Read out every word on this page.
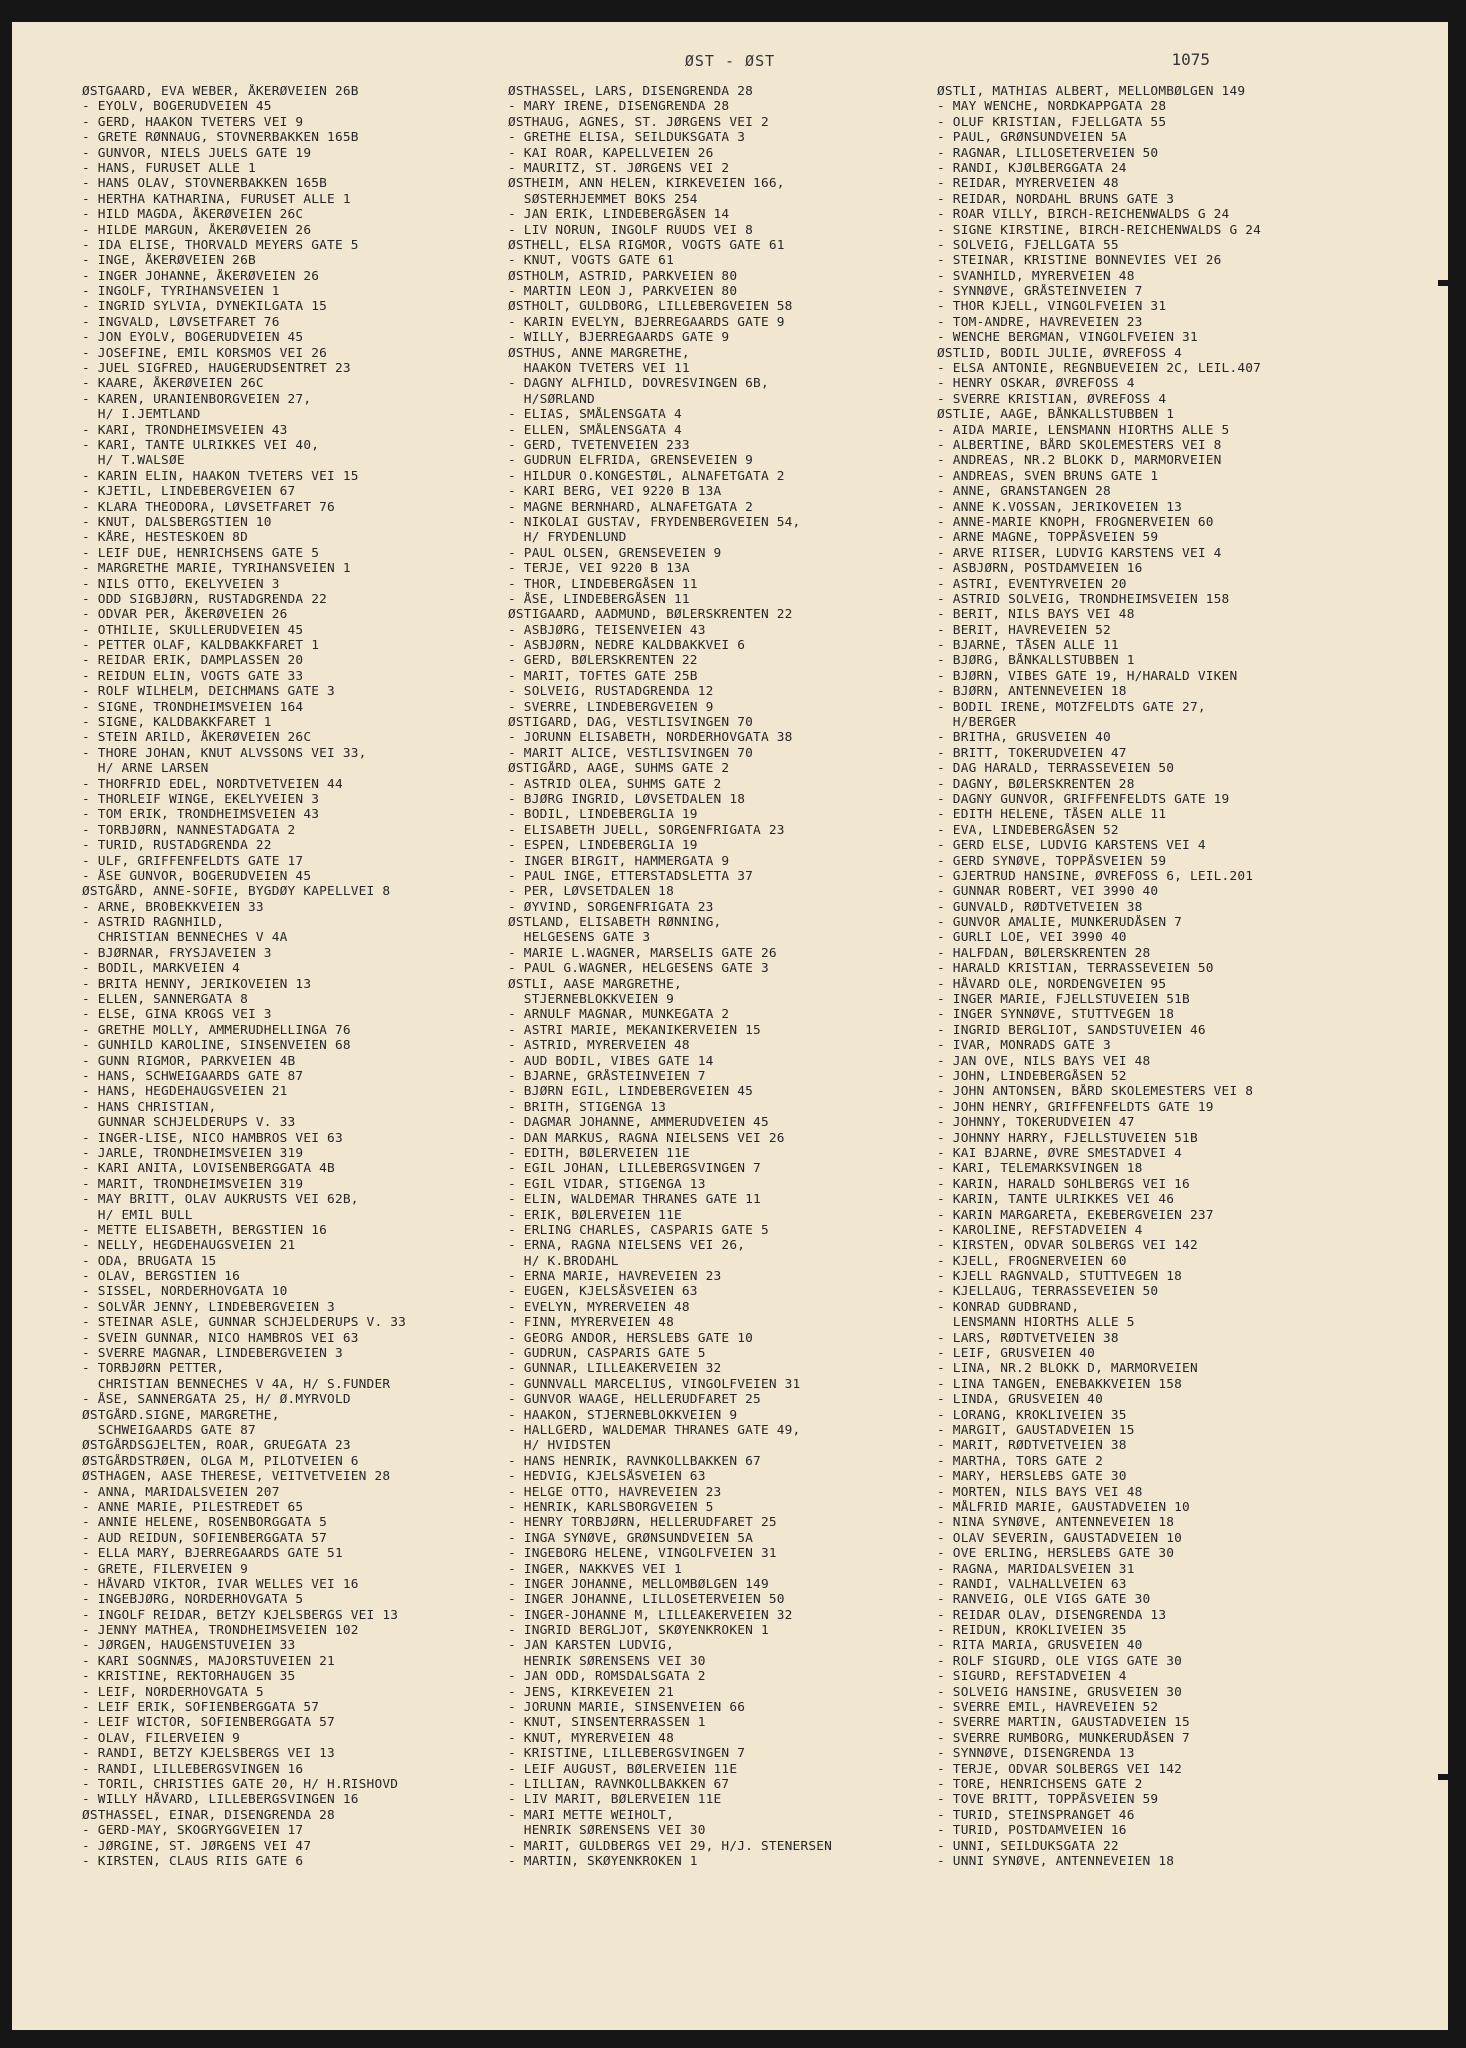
ØST - ØST	1075
ØSTGAARD, EVA WEBER, ÅKERØVEIEN 26B
- EYOLV, BOGERUDVEIEN 45
- GERD, HAAKON TVETERS VEI 9
- GRETE RØNNAUG, STOVNERBAKKEN 165B
- GUNVOR, NIELS JUELS GATE 19
- HANS, FURUSET ALLE 1
- HANS OLAV, STOVNERBAKKEN 165B
- HERTHA KATHARINA, FURUSET ALLE 1
- HILD MAGDA, ÅKERØVEIEN 26C
- HILDE MARGUN, ÅKERØVEIEN 26
- IDA ELISE, THORVALD MEYERS GATE 5
- INGE, ÅKERØVEIEN 26B
- INGER JOHANNE, ÅKERØVEIEN 26
- INGOLF, TYRIHANSVEIEN 1
- INGRID SYLVIA, DYNEKILGATA 15
- INGVALD, LØVSETFARET 76
- JON EYOLV, BOGERUDVEIEN 45
- JOSEFINE, EMIL KORSMOS VEI 26
- JUEL SIGFRED, HAUGERUDSENTRET 23
- KAARE, ÅKERØVEIEN 26C
- KAREN, URANIENBORGVEIEN 27,
H/ I.JEMTLAND
- KARI, TRONDHEIMSVEIEN 43
- KARI, TANTE ULRIKKES VEI 40,
H/ T.WALSØE
- KARIN ELIN, HAAKON TVETERS VEI 15
- KJETIL, LINDEBERGVEIEN 67
- KLARA THEODORA, LØVSETFARET 76
- KNUT, DALSBERGSTIEN 10
- KÅRE, HESTESKOEN 8D
- LEIF DUE, HENRICHSENS GATE 5
- MARGRETHE MARIE, TYRIHANSVEIEN 1
- NILS OTTO, EKELYVEIEN 3
- ODD SIGBJØRN, RUSTADGRENDA 22
- ODVAR PER, ÅKERØVEIEN 26
- OTHILIE, SKULLERUDVEIEN 45
- PETTER OLAF, KALDBAKKFARET 1
- REIDAR ERIK, DAMPLASSEN 20
- REIDUN ELIN, VOGTS GATE 33
- ROLF WILHELM, DEICHMANS GATE 3
- SIGNE, TRONDHEIMSVEIEN 164
- SIGNE, KALDBAKKFARET 1
- STEIN ARILD, ÅKERØVEIEN 26C
- THORE JOHAN, KNUT ALVSSONS VEI 33,
H/ ARNE LARSEN
- THORFRID EDEL, NORDTVETVEIEN 44
- THORLEIF WINGE, EKELYVEIEN 3
- TOM ERIK, TRONDHEIMSVEIEN 43
- TORBJØRN, NANNESTADGATA 2
- TURID, RUSTADGRENDA 22
- ULF, GRIFFENFELDTS GATE 17
- ÅSE GUNVOR, BOGERUDVEIEN 45
ØSTGÅRD, ANNE-SOFIE, BYGDØY KAPELLVEI 8
- ARNE, BROBEKKVEIEN 33
- ASTRID RAGNHILD,
CHRISTIAN BENNECHES V 4A
- BJØRNAR, FRYSJAVEIEN 3
- BODIL, MARKVEIEN 4
- BRITA HENNY, JERIKOVEIEN 13
- ELLEN, SANNERGATA 8
- ELSE, GINA KROGS VEI 3
- GRETHE MOLLY, AMMERUDHELLINGA 76
- GUNHILD KAROLINE, SINSENVEIEN 68
- GUNN RIGMOR, PARKVEIEN 4B
- HANS, SCHWEIGAARDS GATE 87
- HANS, HEGDEHAUGSVEIEN 21
- HANS CHRISTIAN,
GUNNAR SCHJELDERUPS V. 33
- INGER-LISE, NICO HAMBROS VEI 63
- JARLE, TRONDHEIMSVEIEN 319
- KARI ANITA, LOVISENBERGGATA 4B
- MARIT, TRONDHEIMSVEIEN 319
- MAY BRITT, OLAV AUKRUSTS VEI 62B,
H/ EMIL BULL
- METTE ELISABETH, BERGSTIEN 16
- NELLY, HEGDEHAUGSVEIEN 21
- ODA, BRUGATA 15
- OLAV, BERGSTIEN 16
- SISSEL, NORDERHOVGATA 10
- SOLVÅR JENNY, LINDEBERGVEIEN 3
- STEINAR ASLE, GUNNAR SCHJELDERUPS V. 33
- SVEIN GUNNAR, NICO HAMBROS VEI 63
- SVERRE MAGNAR, LINDEBERGVEIEN 3
- TORBJØRN PETTER,
CHRISTIAN BENNECHES V 4A, H/ S.FUNDER
- ÅSE, SANNERGATA 25, H/ Ø.MYRVOLD
ØSTGÅRD.SIGNE, MARGRETHE,
SCHWEIGAARDS GATE 87
ØSTGÅRDSGJELTEN, ROAR, GRUEGATA 23
ØSTGÅRDSTRØEN, OLGA M, PILOTVEIEN 6
ØSTHAGEN, AASE THERESE, VEITVETVEIEN 28
- ANNA, MARIDALSVEIEN 207
- ANNE MARIE, PILESTREDET 65
- ANNIE HELENE, ROSENBORGGATA 5
- AUD REIDUN, SOFIENBERGGATA 57
- ELLA MARY, BJERREGAARDS GATE 51
- GRETE, FILERVEIEN 9
- HÅVARD VIKTOR, IVAR WELLES VEI 16
- INGEBJØRG, NORDERHOVGATA 5
- INGOLF REIDAR, BETZY KJELSBERGS VEI 13
- JENNY MATHEA, TRONDHEIMSVEIEN 102
- JØRGEN, HAUGENSTUVEIEN 33
- KARI SOGNNÆS, MAJORSTUVEIEN 21
- KRISTINE, REKTORHAUGEN 35
- LEIF, NORDERHOVGATA 5
- LEIF ERIK, SOFIENBERGGATA 57
- LEIF WICTOR, SOFIENBERGGATA 57
- OLAV, FILERVEIEN 9
- RANDI, BETZY KJELSBERGS VEI 13
- RANDI, LILLEBERGSVINGEN 16
- TORIL, CHRISTIES GATE 20, H/ H.RISHOVD
- WILLY HÅVARD, LILLEBERGSVINGEN 16
ØSTHASSEL, EINAR, DISENGRENDA 28
- GERD-MAY, SKOGRYGGVEIEN 17
- JØRGINE, ST. JØRGENS VEI 47
- KIRSTEN, CLAUS RIIS GATE 6
ØSTHASSEL, LARS, DISENGRENDA 28
- MARY IRENE, DISENGRENDA 28
ØSTHAUG, AGNES, ST. JØRGENS VEI 2
- GRETHE ELISA, SEILDUKSGATA 3
- KAI ROAR, KAPELLVEIEN 26
- MAURITZ, ST. JØRGENS VEI 2
ØSTHEIM, ANN HELEN, KIRKEVEIEN 166,
SØSTERHJEMMET BOKS 254
- JAN ERIK, LINDEBERGÅSEN 14
- LIV NORUN, INGOLF RUUDS VEI 8
ØSTHELL, ELSA RIGMOR, VOGTS GATE 61
- KNUT, VOGTS GATE 61
ØSTHOLM, ASTRID, PARKVEIEN 80
- MARTIN LEON J, PARKVEIEN 80
ØSTHOLT, GULDBORG, LILLEBERGVEIEN 58
- KARIN EVELYN, BJERREGAARDS GATE 9
- WILLY, BJERREGAARDS GATE 9
ØSTHUS, ANNE MARGRETHE,
HAAKON TVETERS VEI 11
- DAGNY ALFHILD, DOVRESVINGEN 6B,
H/SØRLAND
- ELIAS, SMÅLENSGATA 4
- ELLEN, SMÅLENSGATA 4
- GERD, TVETENVEIEN 233
- GUDRUN ELFRIDA, GRENSEVEIEN 9
- HILDUR O.KONGESTØL, ALNAFETGATA 2
- KARI BERG, VEI 9220 B 13A
- MAGNE BERNHARD, ALNAFETGATA 2
- NIKOLAI GUSTAV, FRYDENBERGVEIEN 54,
H/ FRYDENLUND
- PAUL OLSEN, GRENSEVEIEN 9
- TERJE, VEI 9220 B 13A
- THOR, LINDEBERGÅSEN 11
- ÅSE, LINDEBERGÅSEN 11
ØSTIGAARD, AADMUND, BØLERSKRENTEN 22
- ASBJØRG, TEISENVEIEN 43
- ASBJØRN, NEDRE KALDBAKKVEI 6
- GERD, BØLERSKRENTEN 22
- MARIT, TOFTES GATE 25B
- SOLVEIG, RUSTADGRENDA 12
- SVERRE, LINDEBERGVEIEN 9
ØSTIGARD, DAG, VESTLISVINGEN 70
- JORUNN ELISABETH, NORDERHOVGATA 38
- MARIT ALICE, VESTLISVINGEN 70
ØSTIGÅRD, AAGE, SUHMS GATE 2
- ASTRID OLEA, SUHMS GATE 2
- BJØRG INGRID, LØVSETDALEN 18
- BODIL, LINDEBERGLIA 19
- ELISABETH JUELL, SORGENFRIGATA 23
- ESPEN, LINDEBERGLIA 19
- INGER BIRGIT, HAMMERGATA 9
- PAUL INGE, ETTERSTADSLETTA 37
- PER, LØVSETDALEN 18
- ØYVIND, SORGENFRIGATA 23
ØSTLAND, ELISABETH RØNNING,
HELGESENS GATE 3
- MARIE L.WAGNER, MARSELIS GATE 26
- PAUL G.WAGNER, HELGESENS GATE 3
ØSTLI, AASE MARGRETHE,
STJERNEBLOKKVEIEN 9
- ARNULF MAGNAR, MUNKEGATA 2
- ASTRI MARIE, MEKANIKERVEIEN 15
- ASTRID, MYRERVEIEN 48
- AUD BODIL, VIBES GATE 14
- BJARNE, GRÅSTEINVEIEN 7
- BJØRN EGIL, LINDEBERGVEIEN 45
- BRITH, STIGENGA 13
- DAGMAR JOHANNE, AMMERUDVEIEN 45
- DAN MARKUS, RAGNA NIELSENS VEI 26
- EDITH, BØLERVEIEN 11E
- EGIL JOHAN, LILLEBERGSVINGEN 7
- EGIL VIDAR, STIGENGA 13
- ELIN, WALDEMAR THRANES GATE 11
- ERIK, BØLERVEIEN 11E
- ERLING CHARLES, CASPARIS GATE 5
- ERNA, RAGNA NIELSENS VEI 26,
H/ K.BRODAHL
- ERNA MARIE, HAVREVEIEN 23
- EUGEN, KJELSÅSVEIEN 63
- EVELYN, MYRERVEIEN 48
- FINN, MYRERVEIEN 48
- GEORG ANDOR, HERSLEBS GATE 10
- GUDRUN, CASPARIS GATE 5
- GUNNAR, LILLEAKERVEIEN 32
- GUNNVALL MARCELIUS, VINGOLFVEIEN 31
- GUNVOR WAAGE, HELLERUDFARET 25
- HAAKON, STJERNEBLOKKVEIEN 9
- HALLGERD, WALDEMAR THRANES GATE 49,
H/ HVIDSTEN
- HANS HENRIK, RAVNKOLLBAKKEN 67
- HEDVIG, KJELSÅSVEIEN 63
- HELGE OTTO, HAVREVEIEN 23
- HENRIK, KARLSBORGVEIEN 5
- HENRY TORBJØRN, HELLERUDFARET 25
- INGA SYNØVE, GRØNSUNDVEIEN 5A
- INGEBORG HELENE, VINGOLFVEIEN 31
- INGER, NAKKVES VEI 1
- INGER JOHANNE, MELLOMBØLGEN 149
- INGER JOHANNE, LILLOSETERVEIEN 50
- INGER-JOHANNE M, LILLEAKERVEIEN 32
- INGRID BERGLJOT, SKØYENKROKEN 1
- JAN KARSTEN LUDVIG,
HENRIK SØRENSENS VEI 30
- JAN ODD, ROMSDALSGATA 2
- JENS, KIRKEVEIEN 21
- JORUNN MARIE, SINSENVEIEN 66
- KNUT, SINSENTERRASSEN 1
- KNUT, MYRERVEIEN 48
- KRISTINE, LILLEBERGSVINGEN 7
- LEIF AUGUST, BØLERVEIEN 11E
- LILLIAN, RAVNKOLLBAKKEN 67
- LIV MARIT, BØLERVEIEN 11E
- MARI METTE WEIHOLT,
HENRIK SØRENSENS VEI 30
- MARIT, GULDBERGS VEI 29, H/J. STENERSEN
- MARTIN, SKØYENKROKEN 1
ØSTLI, MATHIAS ALBERT, MELLOMBØLGEN 149
- MAY WENCHE, NORDKAPPGATA 28
- OLUF KRISTIAN, FJELLGATA 55
- PAUL, GRØNSUNDVEIEN 5A
- RAGNAR, LILLOSETERVEIEN 50
- RANDI, KJØLBERGGATA 24
- REIDAR, MYRERVEIEN 48
- REIDAR, NORDAHL BRUNS GATE 3
- ROAR VILLY, BIRCH-REICHENWALDS G 24
- SIGNE KIRSTINE, BIRCH-REICHENWALDS G 24
- SOLVEIG, FJELLGATA 55
- STEINAR, KRISTINE BONNEVIES VEI 26
- SVANHILD, MYRERVEIEN 48
- SYNNØVE, GRÅSTEINVEIEN 7
- THOR KJELL, VINGOLFVEIEN 31
- TOM-ANDRE, HAVREVEIEN 23
- WENCHE BERGMAN, VINGOLFVEIEN 31
ØSTLID, BODIL JULIE, ØVREFOSS 4
- ELSA ANTONIE, REGNBUEVEIEN 2C, LEIL.407
- HENRY OSKAR, ØVREFOSS 4
- SVERRE KRISTIAN, ØVREFOSS 4
ØSTLIE, AAGE, BÅNKALLSTUBBEN 1
- AIDA MARIE, LENSMANN HIORTHS ALLE 5
- ALBERTINE, BÅRD SKOLEMESTERS VEI 8
- ANDREAS, NR.2 BLOKK D, MARMORVEIEN
- ANDREAS, SVEN BRUNS GATE 1
- ANNE, GRANSTANGEN 28
- ANNE K.VOSSAN, JERIKOVEIEN 13
- ANNE-MARIE KNOPH, FROGNERVEIEN 60
- ARNE MAGNE, TOPPÅSVEIEN 59
- ARVE RIISER, LUDVIG KARSTENS VEI 4
- ASBJØRN, POSTDAMVEIEN 16
- ASTRI, EVENTYRVEIEN 20
- ASTRID SOLVEIG, TRONDHEIMSVEIEN 158
- BERIT, NILS BAYS VEI 48
- BERIT, HAVREVEIEN 52
- BJARNE, TÅSEN ALLE 11
- BJØRG, BÅNKALLSTUBBEN 1
- BJØRN, VIBES GATE 19, H/HARALD VIKEN
- BJØRN, ANTENNEVEIEN 18
- BODIL IRENE, MOTZFELDTS GATE 27,
H/BERGER
- BRITHA, GRUSVEIEN 40
- BRITT, TOKERUDVEIEN 47
- DAG HARALD, TERRASSEVEIEN 50
- DAGNY, BØLERSKRENTEN 28
- DAGNY GUNVOR, GRIFFENFELDTS GATE 19
- EDITH HELENE, TÅSEN ALLE 11
- EVA, LINDEBERGÅSEN 52
- GERD ELSE, LUDVIG KARSTENS VEI 4
- GERD SYNØVE, TOPPÅSVEIEN 59
- GJERTRUD HANSINE, ØVREFOSS 6, LEIL.201
- GUNNAR ROBERT, VEI 3990 40
- GUNVALD, RØDTVETVEIEN 38
- GUNVOR AMALIE, MUNKERUDÅSEN 7
- GURLI LOE, VEI 3990 40
- HALFDAN, BØLERSKRENTEN 28
- HARALD KRISTIAN, TERRASSEVEIEN 50
- HÅVARD OLE, NORDENGVEIEN 95
- INGER MARIE, FJELLSTUVEIEN 51B
- INGER SYNNØVE, STUTTVEGEN 18
- INGRID BERGLIOT, SANDSTUVEIEN 46
- IVAR, MONRADS GATE 3
- JAN OVE, NILS BAYS VEI 48
- JOHN, LINDEBERGÅSEN 52
- JOHN ANTONSEN, BÅRD SKOLEMESTERS VEI 8
- JOHN HENRY, GRIFFENFELDTS GATE 19
- JOHNNY, TOKERUDVEIEN 47
- JOHNNY HARRY, FJELLSTUVEIEN 51B
- KAI BJARNE, ØVRE SMESTADVEI 4
- KARI, TELEMARKSVINGEN 18
- KARIN, HARALD SOHLBERGS VEI 16
- KARIN, TANTE ULRIKKES VEI 46
- KARIN MARGARETA, EKEBERGVEIEN 237
- KAROLINE, REFSTADVEIEN 4
- KIRSTEN, ODVAR SOLBERGS VEI 142
- KJELL, FROGNERVEIEN 60
- KJELL RAGNVALD, STUTTVEGEN 18
- KJELLAUG, TERRASSEVEIEN 50
- KONRAD GUDBRAND,
LENSMANN HIORTHS ALLE 5
- LARS, RØDTVETVEIEN 38
- LEIF, GRUSVEIEN 40
- LINA, NR.2 BLOKK D, MARMORVEIEN
- LINA TANGEN, ENEBAKKVEIEN 158
- LINDA, GRUSVEIEN 40
- LORANG, KROKLIVEIEN 35
- MARGIT, GAUSTADVEIEN 15
- MARIT, RØDTVETVEIEN 38
- MARTHA, TORS GATE 2
- MARY, HERSLEBS GATE 30
- MORTEN, NILS BAYS VEI 48
- MÅLFRID MARIE, GAUSTADVEIEN 10
- NINA SYNØVE, ANTENNEVEIEN 18
- OLAV SEVERIN, GAUSTADVEIEN 10
- OVE ERLING, HERSLEBS GATE 30
- RAGNA, MARIDALSVEIEN 31
- RANDI, VALHALLVEIEN 63
- RANVEIG, OLE VIGS GATE 30
- REIDAR OLAV, DISENGRENDA 13
- REIDUN, KROKLIVEIEN 35
- RITA MARIA, GRUSVEIEN 40
- ROLF SIGURD, OLE VIGS GATE 30
- SIGURD, REFSTADVEIEN 4
- SOLVEIG HANSINE, GRUSVEIEN 30
- SVERRE EMIL, HAVREVEIEN 52
- SVERRE MARTIN, GAUSTADVEIEN 15
- SVERRE RUMBORG, MUNKERUDÅSEN 7
- SYNNØVE, DISENGRENDA 13
- TERJE, ODVAR SOLBERGS VEI 142
- TORE, HENRICHSENS GATE 2
- TOVE BRITT, TOPPÅSVEIEN 59
- TURID, STEINSPRANGET 46
- TURID, POSTDAMVEIEN 16
- UNNI, SEILDUKSGATA 22
- UNNI SYNØVE, ANTENNEVEIEN 18
